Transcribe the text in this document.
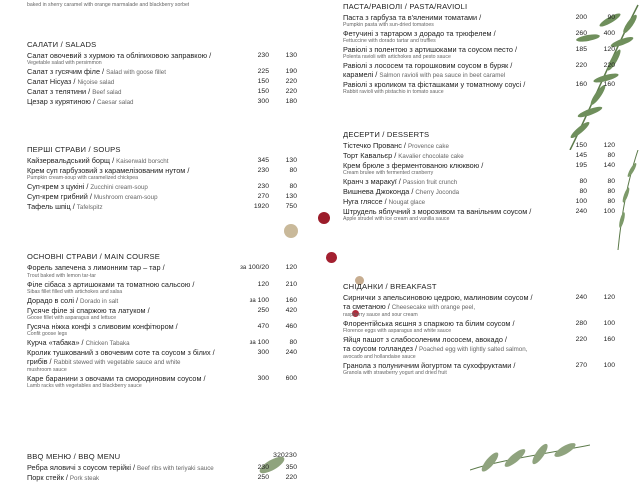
baked in sherry caramel with orange marmalade and blackberry sorbet
САЛАТИ / SALADS
Салат овочевий з хурмою та обліпиховою заправкою /	230	130
Vegetable salad with persimmon
Салат з гусячим філе / Salad with goose fillet	225	190
Салат Нісуаз / Niçoise salad	150	220
Салат з телятини / Beef salad	150	220
Цезар з курятиною / Caesar salad	300	180
ПЕРШІ СТРАВИ / SOUPS
Кайзервальдський борщ / Kaiserwald borscht	345	130
Крем суп гарбузовий з карамелізованим нутом /	230	80
Pumpkin cream-soup with caramelized chickpea
Суп-крем з цукіні / Zucchini cream-soup	230	80
Суп-крем грибний / Mushroom cream-soup	270	130
Тафель шпіц / Tafelspitz	1920	750
ОСНОВНІ СТРАВИ / MAIN COURSE
Форель запечена з лимонним тар – тар /	за 100/20	120
Trout baked with lemon tar-tar
Філе сібаса з артишоками та томатною сальсою /	120	210
Sibas fillet filled with artichokes and salsa
Дорадо в солі / Dorado in salt	за 100	160
Гусяче філе зі спаржою та латуком /	250	420
Goose fillet with asparagus and lettuce
Гусяча ніжка конфі з сливовим конфітюром /	470	460
Confit goose legs
Курча «табака» / Chicken Tabaka	за 100	80
Кролик тушкований з овочевим соте та соусом з білих /	300	240
грибів / Rabbit stewed with vegetable sauce and white
mushroom sauce
Каре баранини з овочами та смородиновим соусом /	300	600
Lamb racks with vegetables and blackberry sauce
BBQ МЕНЮ / BBQ MENU	320 230
Ребра яловичі з соусом терійкі / Beef ribs with teriyaki sauce	230	350
Порк стейк / Pork steak	250	220
ПАСТА/РАВІОЛІ / PASTA/RAVIOLI
Паста з гарбуза та в'яленими томатами /	200	90
Pumpkin pasta with sun-dried tomatoes
Фетучині з тартаром з дорадо та трюфелем /	260	400
Fettuccine with dorado tartar and truffles
Равіолі з полентою з артишоками та соусом песто /	185	120
Polenta ravioli with artichokes and pesto sauce
Равіолі з лососем та горошковим соусом в буряк /	220	220
карамелі / Salmon ravioli with pea sauce in beet caramel
Равіолі з кроликом та фісташками у томатному соусі /	160	160
Rabbit ravioli with pistachio in tomato sauce
ДЕСЕРТИ / DESSERTS
Тістечко Прованс / Provence cake	150	120
Торт Кавальєр / Kavalier chocolate cake	145	80
Крем брюле з ферментованою клюквою /	195	140
Cream brulee with fermented cranberry
Кранч з маракуї / Passion fruit crunch	80	80
Вишнева Джоконда / Cherry Joconda	80	80
Нуга гляссе / Nougat glace	100	80
Штрудель яблучний з морозивом та ванільним соусом /	240	100
Apple strudel with ice cream and vanilla sauce
СНІДАНКИ / BREAKFAST
Сирнички з апельсиновою цедрою, малиновим соусом /	240	120
та сметаною / Cheesecake with orange peel,
raspberry sauce and sour cream
Флорентійська яєшня з спаржою та білим соусом /	280	100
Florence eggs with asparagus and white sauce
Яйця пашот з слабосоленим лососем, авокадо /	220	160
та соусом голландез / Poached egg with lightly salted salmon,
avocado and hollandaise sauce
Гранола з полуничним йогуртом та сухофруктами /	270	100
Granola with strawberry yogurt and dried fruit
